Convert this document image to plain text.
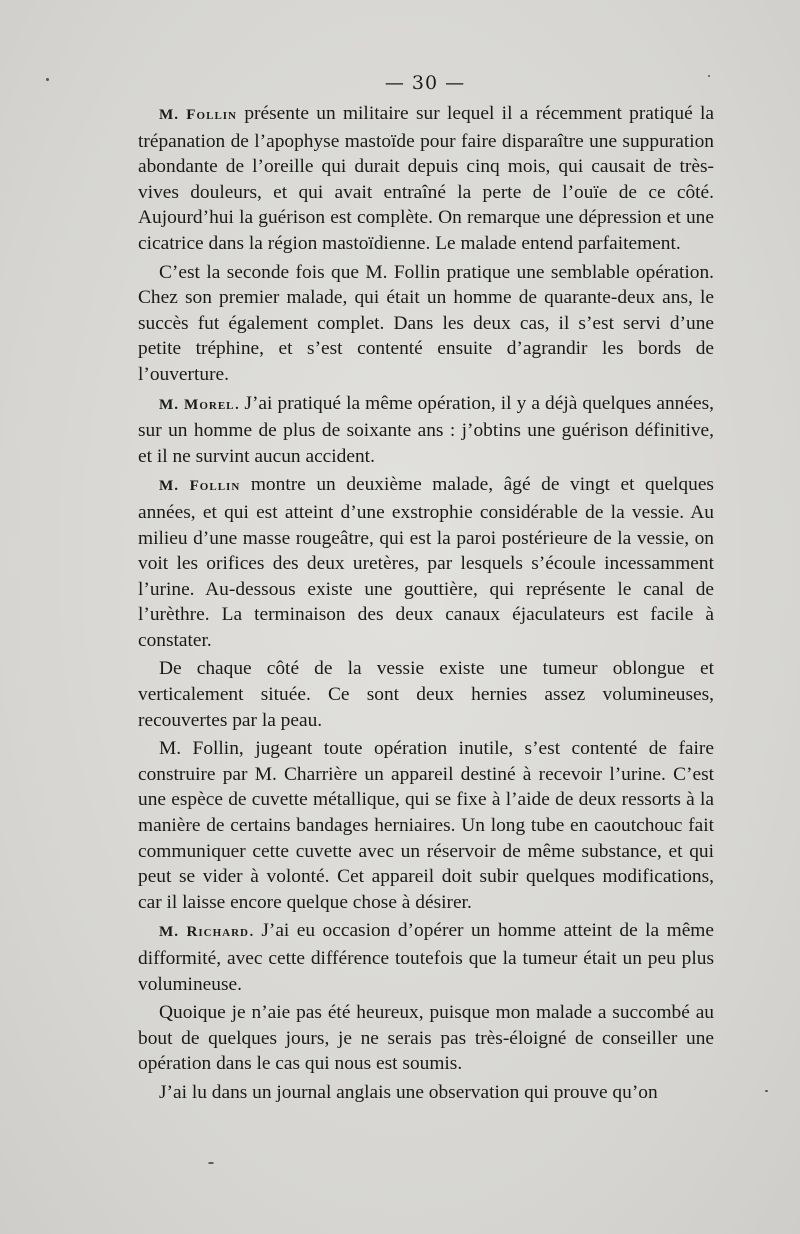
— 30 —

M. Follin présente un militaire sur lequel il a récemment pratiqué la trépanation de l’apophyse mastoïde pour faire disparaître une suppuration abondante de l’oreille qui durait depuis cinq mois, qui causait de très-vives douleurs, et qui avait entraîné la perte de l’ouïe de ce côté. Aujourd’hui la guérison est complète. On remarque une dépression et une cicatrice dans la région mastoïdienne. Le malade entend parfaitement.

C’est la seconde fois que M. Follin pratique une semblable opération. Chez son premier malade, qui était un homme de quarante-deux ans, le succès fut également complet. Dans les deux cas, il s’est servi d’une petite tréphine, et s’est contenté ensuite d’agrandir les bords de l’ouverture.

M. Morel. J’ai pratiqué la même opération, il y a déjà quelques années, sur un homme de plus de soixante ans : j’obtins une guérison définitive, et il ne survint aucun accident.

M. Follin montre un deuxième malade, âgé de vingt et quelques années, et qui est atteint d’une exstrophie considérable de la vessie. Au milieu d’une masse rougeâtre, qui est la paroi postérieure de la vessie, on voit les orifices des deux uretères, par lesquels s’écoule incessamment l’urine. Au-dessous existe une gouttière, qui représente le canal de l’urèthre. La terminaison des deux canaux éjaculateurs est facile à constater.

De chaque côté de la vessie existe une tumeur oblongue et verticalement située. Ce sont deux hernies assez volumineuses, recouvertes par la peau.

M. Follin, jugeant toute opération inutile, s’est contenté de faire construire par M. Charrière un appareil destiné à recevoir l’urine. C’est une espèce de cuvette métallique, qui se fixe à l’aide de deux ressorts à la manière de certains bandages herniaires. Un long tube en caoutchouc fait communiquer cette cuvette avec un réservoir de même substance, et qui peut se vider à volonté. Cet appareil doit subir quelques modifications, car il laisse encore quelque chose à désirer.

M. Richard. J’ai eu occasion d’opérer un homme atteint de la même difformité, avec cette différence toutefois que la tumeur était un peu plus volumineuse.

Quoique je n’aie pas été heureux, puisque mon malade a succombé au bout de quelques jours, je ne serais pas très-éloigné de conseiller une opération dans le cas qui nous est soumis.

J’ai lu dans un journal anglais une observation qui prouve qu’on
